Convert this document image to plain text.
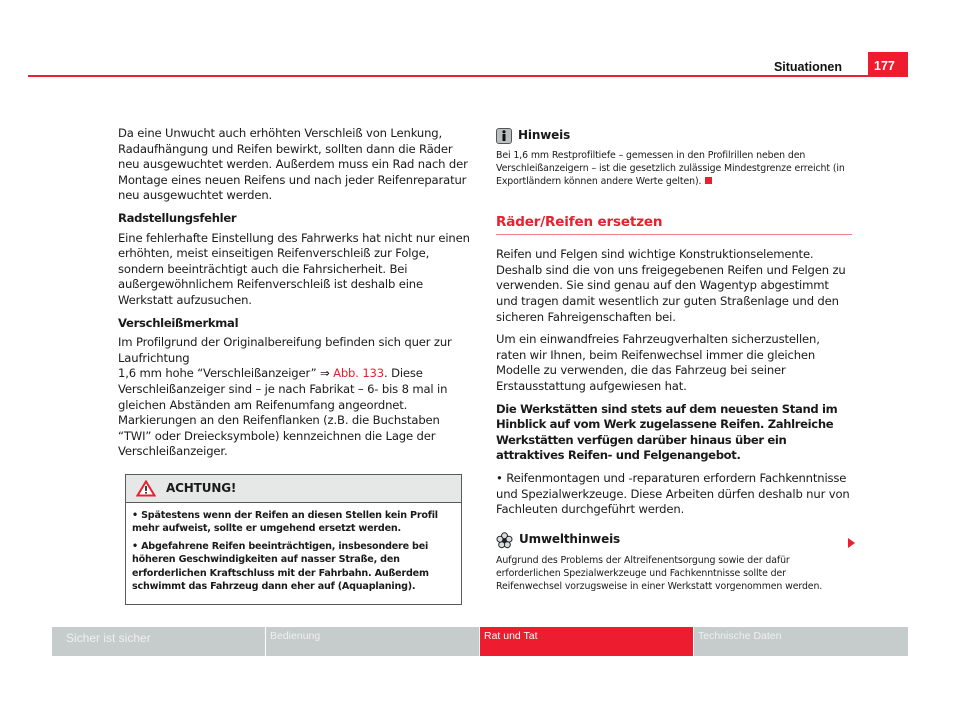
Situationen	177

Da eine Unwucht auch erhöhten Verschleiß von Lenkung, Radaufhängung und Reifen bewirkt, sollten dann die Räder neu ausgewuchtet werden. Außerdem muss ein Rad nach der Montage eines neuen Reifens und nach jeder Reifenreparatur neu ausgewuchtet werden.

Radstellungsfehler

Eine fehlerhafte Einstellung des Fahrwerks hat nicht nur einen erhöhten, meist einseitigen Reifenverschleiß zur Folge, sondern beeinträchtigt auch die Fahrsicherheit. Bei außergewöhnlichem Reifenverschleiß ist deshalb eine Werkstatt aufzusuchen.

Verschleißmerkmal

Im Profilgrund der Originalbereifung befinden sich quer zur Laufrichtung
1,6 mm hohe “Verschleißanzeiger” ⇒ Abb. 133. Diese Verschleißanzeiger sind – je nach Fabrikat – 6- bis 8 mal in gleichen Abständen am Reifenumfang angeordnet. Markierungen an den Reifenflanken (z.B. die Buchstaben “TWI” oder Dreiecksymbole) kennzeichnen die Lage der Verschleißanzeiger.

ACHTUNG!
• Spätestens wenn der Reifen an diesen Stellen kein Profil mehr aufweist, sollte er umgehend ersetzt werden.
• Abgefahrene Reifen beeinträchtigen, insbesondere bei höheren Geschwindigkeiten auf nasser Straße, den erforderlichen Kraftschluss mit der Fahrbahn. Außerdem schwimmt das Fahrzeug dann eher auf (Aquaplaning).
Hinweis
Bei 1,6 mm Restprofiltiefe – gemessen in den Profilrillen neben den Verschleißanzeigern – ist die gesetzlich zulässige Mindestgrenze erreicht (in Exportländern können andere Werte gelten).
Räder/Reifen ersetzen

Reifen und Felgen sind wichtige Konstruktionselemente. Deshalb sind die von uns freigegebenen Reifen und Felgen zu verwenden. Sie sind genau auf den Wagentyp abgestimmt und tragen damit wesentlich zur guten Straßenlage und den sicheren Fahreigenschaften bei.

Um ein einwandfreies Fahrzeugverhalten sicherzustellen, raten wir Ihnen, beim Reifenwechsel immer die gleichen Modelle zu verwenden, die das Fahrzeug bei seiner Erstausstattung aufgewiesen hat.

Die Werkstätten sind stets auf dem neuesten Stand im Hinblick auf vom Werk zugelassene Reifen. Zahlreiche Werkstätten verfügen darüber hinaus über ein attraktives Reifen- und Felgenangebot.

• Reifenmontagen und -reparaturen erfordern Fachkenntnisse und Spezialwerkzeuge. Diese Arbeiten dürfen deshalb nur von Fachleuten durchgeführt werden.

Umwelthinweis
Aufgrund des Problems der Altreifenentsorgung sowie der dafür erforderlichen Spezialwerkzeuge und Fachkenntnisse sollte der Reifenwechsel vorzugsweise in einer Werkstatt vorgenommen werden.
Sicher ist sicher	Bedienung	Rat und Tat	Technische Daten
